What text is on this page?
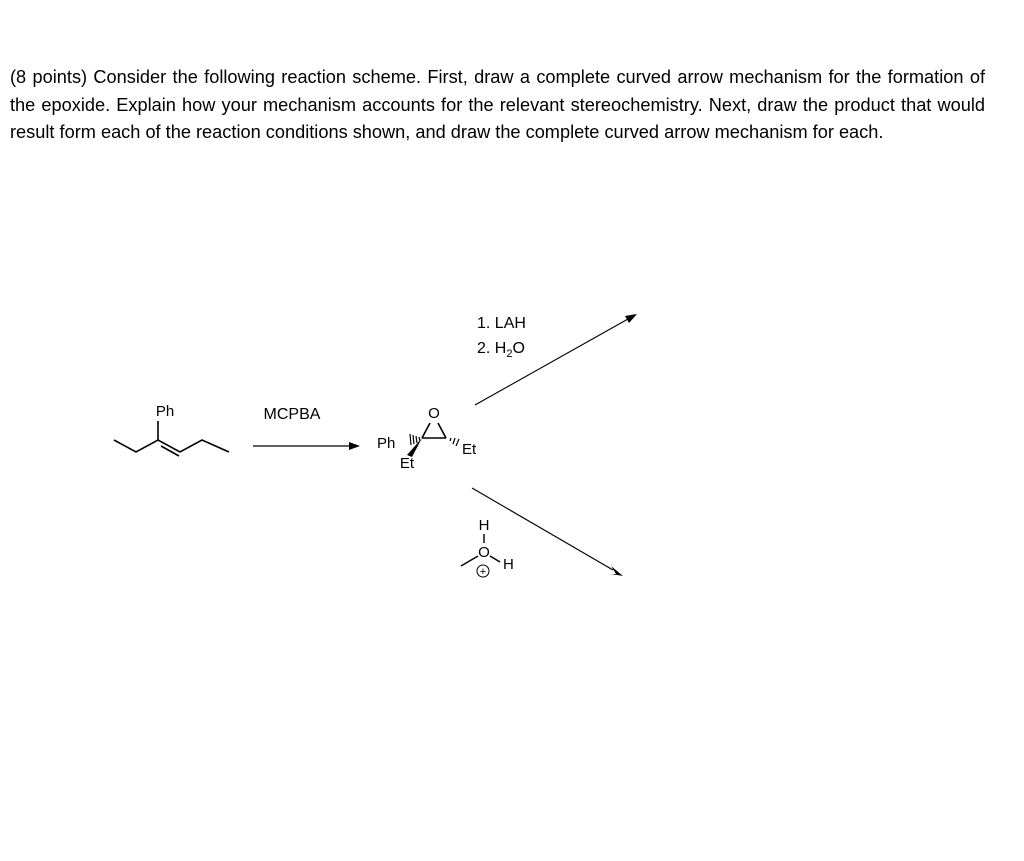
(8 points) Consider the following reaction scheme. First, draw a complete curved arrow mechanism for the formation of the epoxide. Explain how your mechanism accounts for the relevant stereochemistry. Next, draw the product that would result form each of the reaction conditions shown, and draw the complete curved arrow mechanism for each.

Ph	MCPBA	O
Ph
Et
Et
1. LAH
2. $H_2O$
H
O
H
+
